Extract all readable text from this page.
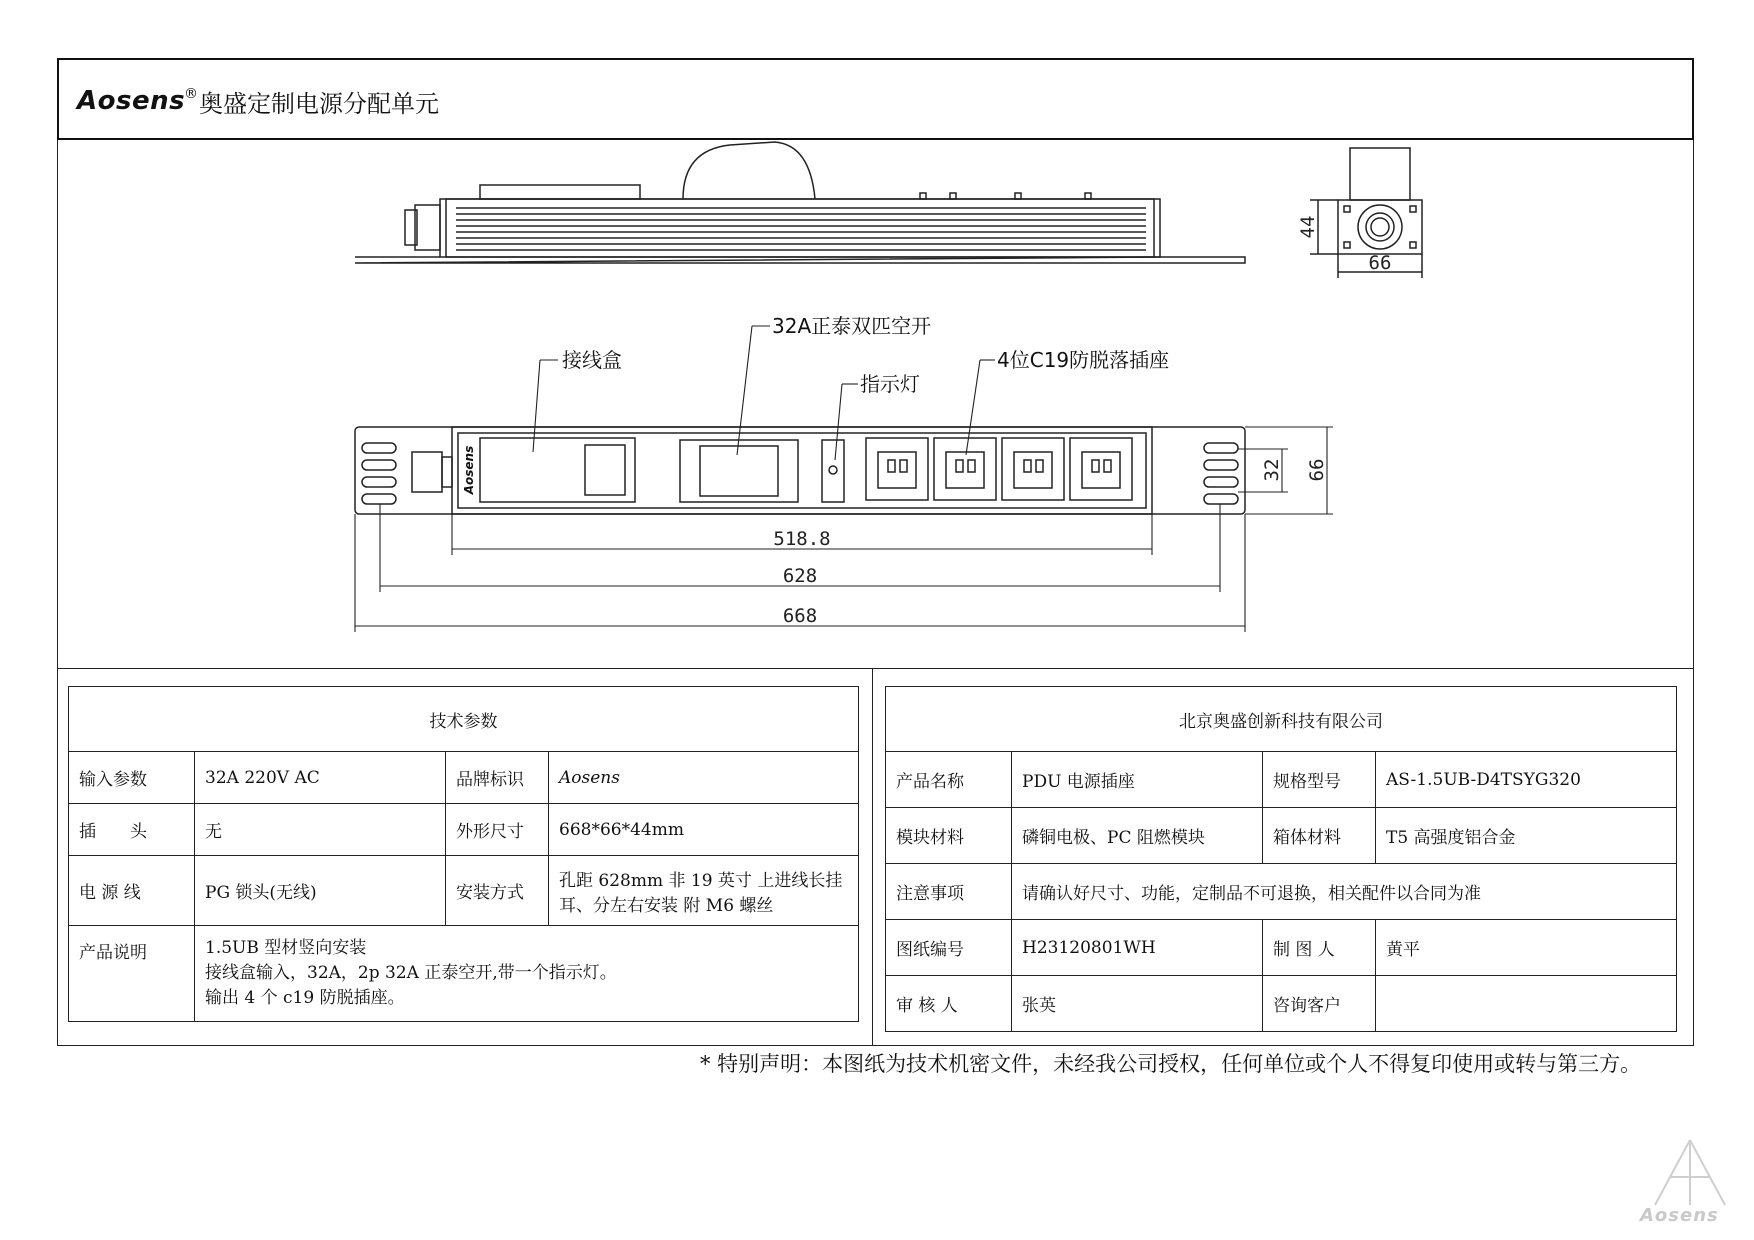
Aosens
® 奥盛定制电源分配单元
接线盒
32A正泰双匹空开
指示灯
4位C19防脱落插座
518.8
628
668
32 66
44
66
Aosens
技术参数			
输入参数	32A 220V AC	品牌标识	Aosens
插　　头	无	外形尺寸	668*66*44mm
电 源 线	PG 锁头(无线)	安装方式	孔距 628mm 非 19 英寸 上进线长挂耳、分左右安装 附 M6 螺丝
产品说明	1.5UB 型材竖向安装
接线盒输入，32A，2p 32A 正泰空开,带一个指示灯。
输出 4 个 c19 防脱插座。		
北京奥盛创新科技有限公司			
产品名称	PDU 电源插座	规格型号	AS-1.5UB-D4TSYG320
模块材料	磷铜电极、PC 阻燃模块	箱体材料	T5 高强度铝合金
注意事项	请确认好尺寸、功能，定制品不可退换，相关配件以合同为准		
图纸编号	H23120801WH	制 图 人	黄平
审 核 人	张英	咨询客户	
* 特别声明：本图纸为技术机密文件，未经我公司授权，任何单位或个人不得复印使用或转与第三方。
Aosens
